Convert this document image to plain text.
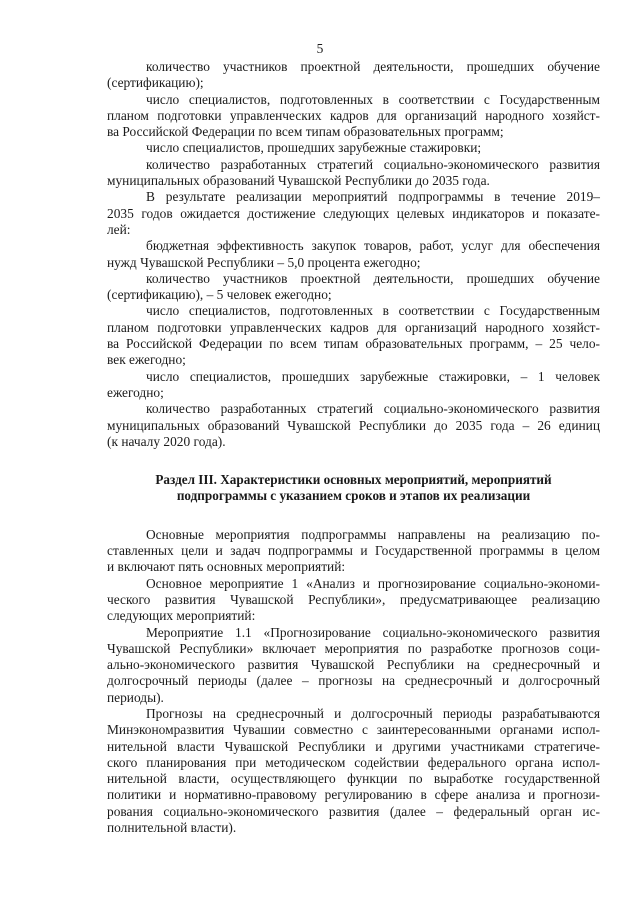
5
количество участников проектной деятельности, прошедших обучение
(сертификацию);
число специалистов, подготовленных в соответствии с Государственным
планом подготовки управленческих кадров для организаций народного хозяйст-
ва Российской Федерации по всем типам образовательных программ;
число специалистов, прошедших зарубежные стажировки;
количество разработанных стратегий социально-экономического развития
муниципальных образований Чувашской Республики до 2035 года.
В результате реализации мероприятий подпрограммы в течение 2019–
2035 годов ожидается достижение следующих целевых индикаторов и показате-
лей:
бюджетная эффективность закупок товаров, работ, услуг для обеспечения
нужд Чувашской Республики – 5,0 процента ежегодно;
количество участников проектной деятельности, прошедших обучение
(сертификацию), – 5 человек ежегодно;
число специалистов, подготовленных в соответствии с Государственным
планом подготовки управленческих кадров для организаций народного хозяйст-
ва Российской Федерации по всем типам образовательных программ, – 25 чело-
век ежегодно;
число специалистов, прошедших зарубежные стажировки, – 1 человек
ежегодно;
количество разработанных стратегий социально-экономического развития
муниципальных образований Чувашской Республики до 2035 года – 26 единиц
(к началу 2020 года).
Раздел III. Характеристики основных мероприятий, мероприятий
подпрограммы с указанием сроков и этапов их реализации
Основные мероприятия подпрограммы направлены на реализацию по-
ставленных цели и задач подпрограммы и Государственной программы в целом
и включают пять основных мероприятий:
Основное мероприятие 1 «Анализ и прогнозирование социально-экономи-
ческого развития Чувашской Республики», предусматривающее реализацию
следующих мероприятий:
Мероприятие 1.1 «Прогнозирование социально-экономического развития
Чувашской Республики» включает мероприятия по разработке прогнозов соци-
ально-экономического развития Чувашской Республики на среднесрочный и
долгосрочный периоды (далее – прогнозы на среднесрочный и долгосрочный
периоды).
Прогнозы на среднесрочный и долгосрочный периоды разрабатываются
Минэкономразвития Чувашии совместно с заинтересованными органами испол-
нительной власти Чувашской Республики и другими участниками стратегиче-
ского планирования при методическом содействии федерального органа испол-
нительной власти, осуществляющего функции по выработке государственной
политики и нормативно-правовому регулированию в сфере анализа и прогнози-
рования социально-экономического развития (далее – федеральный орган ис-
полнительной власти).
